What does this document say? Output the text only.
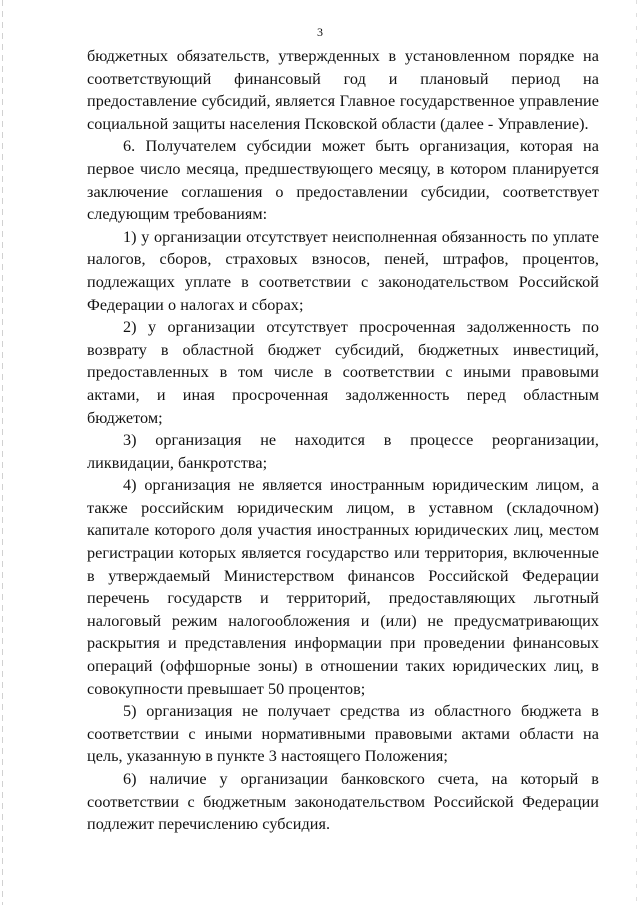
3

бюджетных обязательств, утвержденных в установленном порядке на соответствующий финансовый год и плановый период на предоставление субсидий, является Главное государственное управление социальной защиты населения Псковской области (далее - Управление).

6. Получателем субсидии может быть организация, которая на первое число месяца, предшествующего месяцу, в котором планируется заключение соглашения о предоставлении субсидии, соответствует следующим требованиям:

1) у организации отсутствует неисполненная обязанность по уплате налогов, сборов, страховых взносов, пеней, штрафов, процентов, подлежащих уплате в соответствии с законодательством Российской Федерации о налогах и сборах;

2) у организации отсутствует просроченная задолженность по возврату в областной бюджет субсидий, бюджетных инвестиций, предоставленных в том числе в соответствии с иными правовыми актами, и иная просроченная задолженность перед областным бюджетом;

3) организация не находится в процессе реорганизации, ликвидации, банкротства;

4) организация не является иностранным юридическим лицом, а также российским юридическим лицом, в уставном (складочном) капитале которого доля участия иностранных юридических лиц, местом регистрации которых является государство или территория, включенные в утверждаемый Министерством финансов Российской Федерации перечень государств и территорий, предоставляющих льготный налоговый режим налогообложения и (или) не предусматривающих раскрытия и представления информации при проведении финансовых операций (оффшорные зоны) в отношении таких юридических лиц, в совокупности превышает 50 процентов;

5) организация не получает средства из областного бюджета в соответствии с иными нормативными правовыми актами области на цель, указанную в пункте 3 настоящего Положения;

6) наличие у организации банковского счета, на который в соответствии с бюджетным законодательством Российской Федерации подлежит перечислению субсидия.
